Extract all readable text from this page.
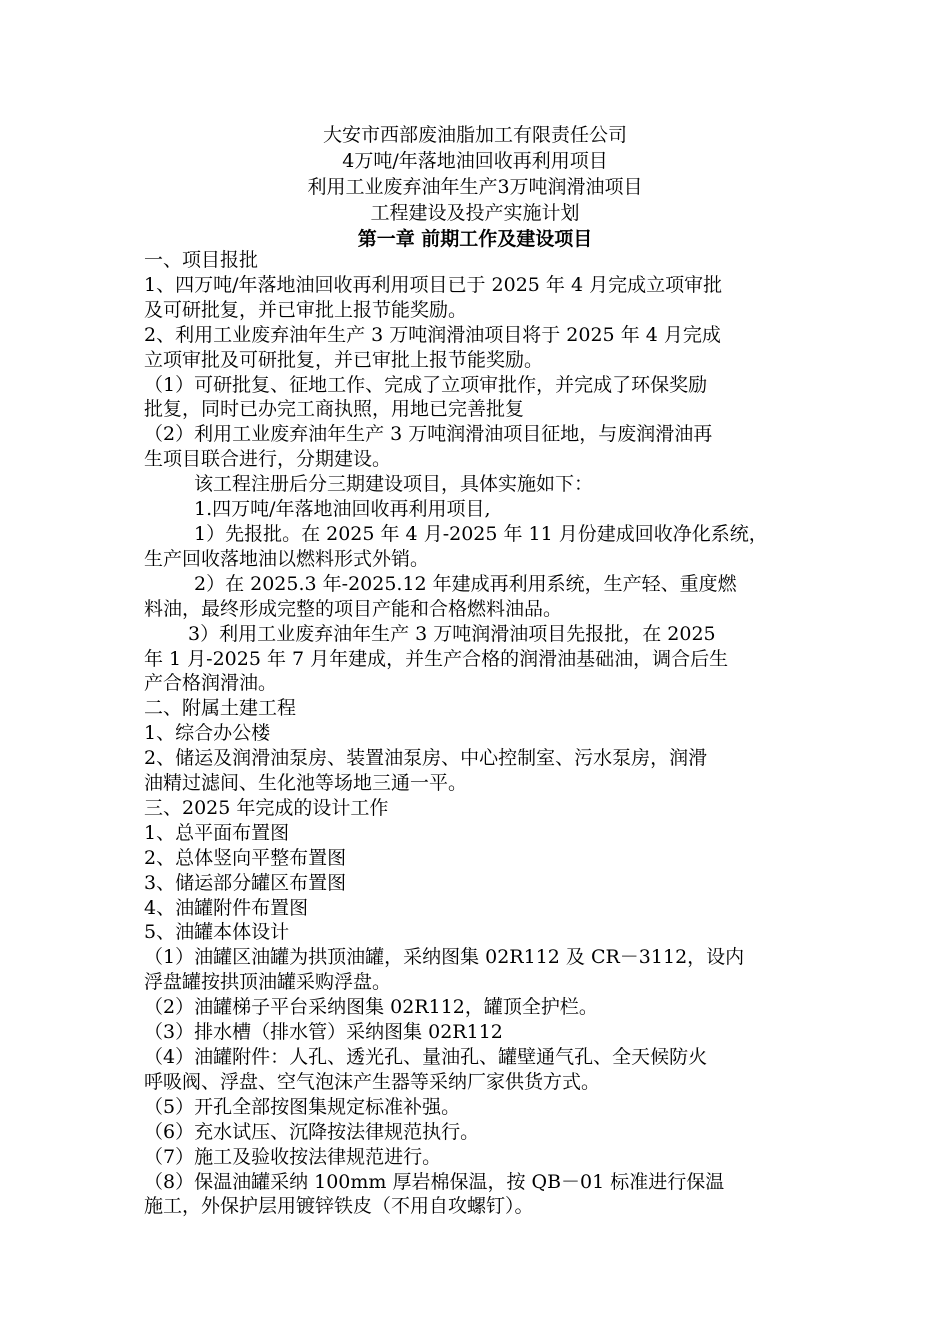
大安市西部废油脂加工有限责任公司
4万吨/年落地油回收再利用项目
利用工业废弃油年生产3万吨润滑油项目
工程建设及投产实施计划
第一章 前期工作及建设项目
一、项目报批
1、四万吨/年落地油回收再利用项目已于 2025 年 4 月完成立项审批
及可研批复，并已审批上报节能奖励。
2、利用工业废弃油年生产 3 万吨润滑油项目将于 2025 年 4 月完成
立项审批及可研批复，并已审批上报节能奖励。
（1）可研批复、征地工作、完成了立项审批作，并完成了环保奖励
批复，同时已办完工商执照，用地已完善批复
（2）利用工业废弃油年生产 3 万吨润滑油项目征地，与废润滑油再
生项目联合进行，分期建设。
该工程注册后分三期建设项目，具体实施如下：
1.四万吨/年落地油回收再利用项目,
1）先报批。在 2025 年 4 月-2025 年 11 月份建成回收净化系统，
生产回收落地油以燃料形式外销。
2）在 2025.3 年-2025.12 年建成再利用系统，生产轻、重度燃
料油，最终形成完整的项目产能和合格燃料油品。
3）利用工业废弃油年生产 3 万吨润滑油项目先报批，在 2025
年 1 月-2025 年 7 月年建成，并生产合格的润滑油基础油，调合后生
产合格润滑油。
二、附属土建工程
1、综合办公楼
2、储运及润滑油泵房、装置油泵房、中心控制室、污水泵房，润滑
油精过滤间、生化池等场地三通一平。
三、2025 年完成的设计工作
1、总平面布置图
2、总体竖向平整布置图
3、储运部分罐区布置图
4、油罐附件布置图
5、油罐本体设计
（1）油罐区油罐为拱顶油罐，采纳图集 02R112 及 CR－3112，设内
浮盘罐按拱顶油罐采购浮盘。
（2）油罐梯子平台采纳图集 02R112，罐顶全护栏。
（3）排水槽（排水管）采纳图集 02R112
（4）油罐附件：人孔、透光孔、量油孔、罐壁通气孔、全天候防火
呼吸阀、浮盘、空气泡沫产生器等采纳厂家供货方式。
（5）开孔全部按图集规定标准补强。
（6）充水试压、沉降按法律规范执行。
（7）施工及验收按法律规范进行。
（8）保温油罐采纳 100mm 厚岩棉保温，按 QB－01 标准进行保温
施工，外保护层用镀锌铁皮（不用自攻螺钉）。
